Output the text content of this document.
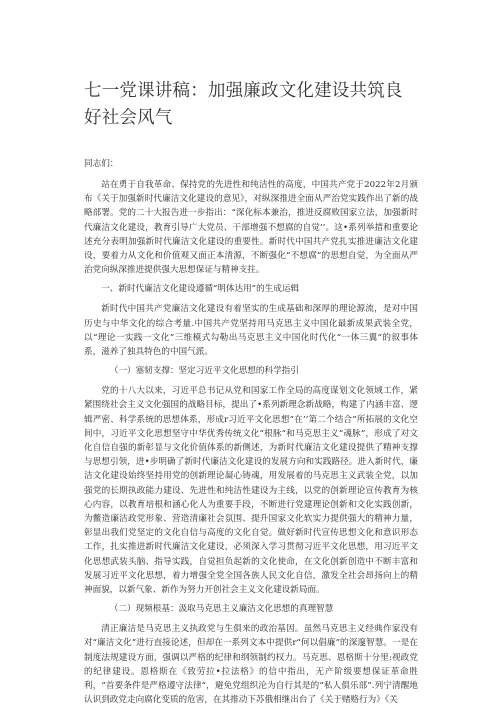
七一党课讲稿：加强廉政文化建设共筑良好社会风气

同志们：

站在勇于自我革命、保持党的先进性和纯洁性的高度，中国共产党于2022年2月颁布《关于加强新时代廉洁文化建设的意见》，对纵深推进全面从严治党实践作出了新的战略部署。党的二十大报告进一步指出：“深化标本兼治，推进反腐败国家立法，加强新时代廉洁文化建设，教育引导广大党员、干部增强不想腐的自觉’’。这•系列举措和重要论述充分表明加强新时代廉洁文化建设的重要性。新时代中国共产党扎实推进廉洁文化建设，要着力从文化和价值观又面正本清源，不断强化“不想腐”的思想自觉，为全面从严治党向纵深推进提供强大思想保证与精神支拄。

一、新时代廉洁文化建设遵循“明体达用”的生成运辑

新时代中国共产党廉洁文化建设有着坚实的生成基础和深厚的理论源流，是对中国历史与中华文化的综合考量.中国共产党坚持用马克思主义中国化最新成果武装全党，以“理论一实践一文化”三维模式勾勒出马克思主义中国化时代化“一体三翼”的叙事体系，滋养了独具特色的中国气派。

（一）塞韧支撑：坚定习近平文化思想的科学指引

党的十八大以来，习近平总书记从党和国家工作全局的高度谋划文化领域工作，紧紧围绕社会主义文化强国的战略目标，提出了•系列新理念新战略，构建了内涵丰富、逻辑严密、科学系统的思想体系，形成r习近平文化思想“在’’第二个结合”所拓展的文化空间中，习近平文化思想坚守中华优秀传统文化“根脉”和马克思主义“魂脉”，形成了对文化自信自强的新彰显与文化价值体系的新侧述，为新时代廉洁文化建设提供了精神支撑与思想引领，进•步明确了新时代廉洁文化建设的发展方向和实践路径。进入新时代，廉洁文化建设始终坚持用党的创新理论凝心铸魂，用发展着的马克思主义武装全党，以加强党的长期执政能力建设、先进性和纯洁性建设为主线，以党的创新理论宣传教育为核心内容，以教育培根和涵心化人为重要手段，不断进行党建理论创新和文化实践创新，为鳖造廉洁政党形象、营造清廉社会氛围、提升国家文化软实力提供强大的精神力量，彰显出我们党坚定的文化自信与高度的文化自觉。做好新时代宣传思想文化和意识形态工作，扎实推进新时代廉洁文化建设，必须深入学习贯彻习近平文化思想，用习近平文化思想武装头脑、指导实践，自觉担负起新的文化使命，在文化创新创造中不断丰富和发展习近平文化思想，着力增强全党全国各族人民文化自信，激发全社会昂扬向上的精神面貌，以新气象、新作为努力开创社会主义文化建设新局面。

（二）现频根基：汲取马克思主义廉洁文化思想的真理智慧

清正廉洁是马克思主义执政党与生俱来的政治基因。虽然马克思主义经典作家没有对“廉洁文化”进行直接论述，但却在一系列文本中提供r“何以倡廉”的深邃智慧。一是在制度法规建设方面，强调以严格的纪律和纲领制约权力。马克思、恩格斯十分里:视政党的纪律建设。恩格斯在《致劳拉•拉法格》的信中指出，无产阶级要想保证革命胜利，“首要条件是严格遵守法律“，避免党组织沦为自行其是的“私人俱乐部”.列宁清醒地认识到政党走向腐化变质的危害，在其推动下苏俄相继出台了《关于赌赂行为》《关
